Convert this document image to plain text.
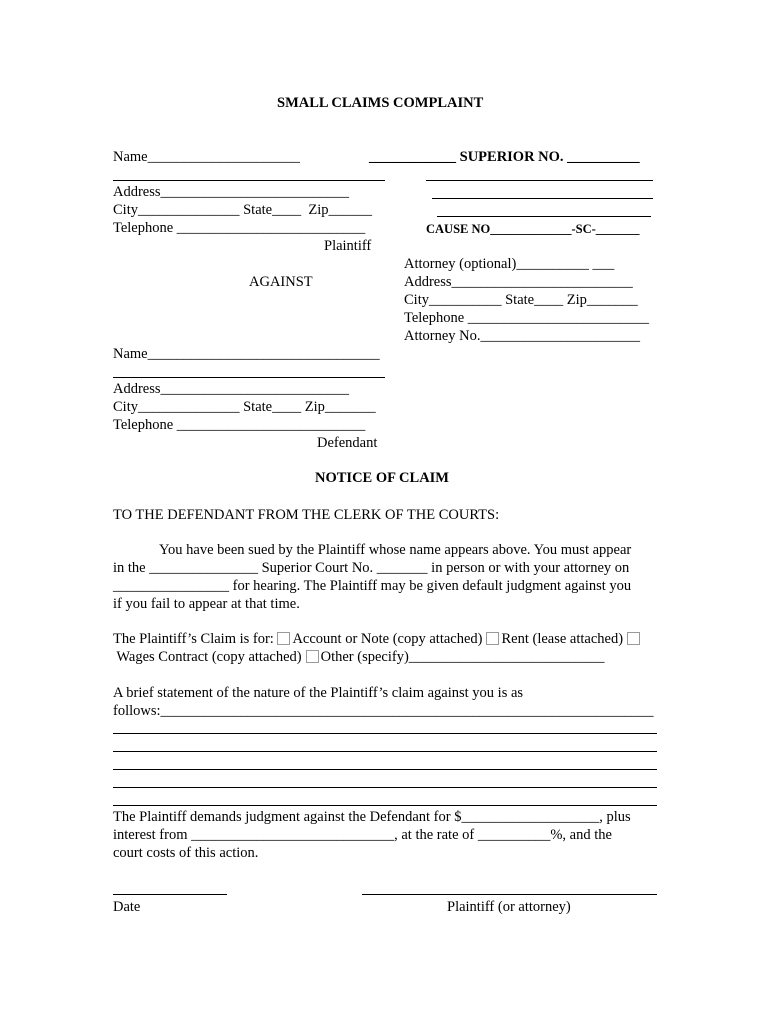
SMALL CLAIMS COMPLAINT
Name_____________________
Address__________________________
City______________ State____  Zip______
Telephone __________________________
Plaintiff
____________ SUPERIOR NO. __________
CAUSE NO_____________-SC-_______
Attorney (optional)__________ ___
Address_________________________
City__________ State____ Zip_______
Telephone _________________________
Attorney No.______________________
AGAINST
Name________________________________
Address__________________________
City______________ State____ Zip_______
Telephone __________________________
Defendant
NOTICE OF CLAIM
TO THE DEFENDANT FROM THE CLERK OF THE COURTS:
You have been sued by the Plaintiff whose name appears above. You must appear
in the _______________ Superior Court No. _______ in person or with your attorney on
________________ for hearing. The Plaintiff may be given default judgment against you
if you fail to appear at that time.
The Plaintiff’s Claim is for: Account or Note (copy attached) Rent (lease attached)
Wages Contract (copy attached) Other (specify)___________________________
A brief statement of the nature of the Plaintiff’s claim against you is as
follows:____________________________________________________________________
The Plaintiff demands judgment against the Defendant for $___________________, plus
interest from ____________________________, at the rate of __________%, and the
court costs of this action.
Date	Plaintiff (or attorney)
